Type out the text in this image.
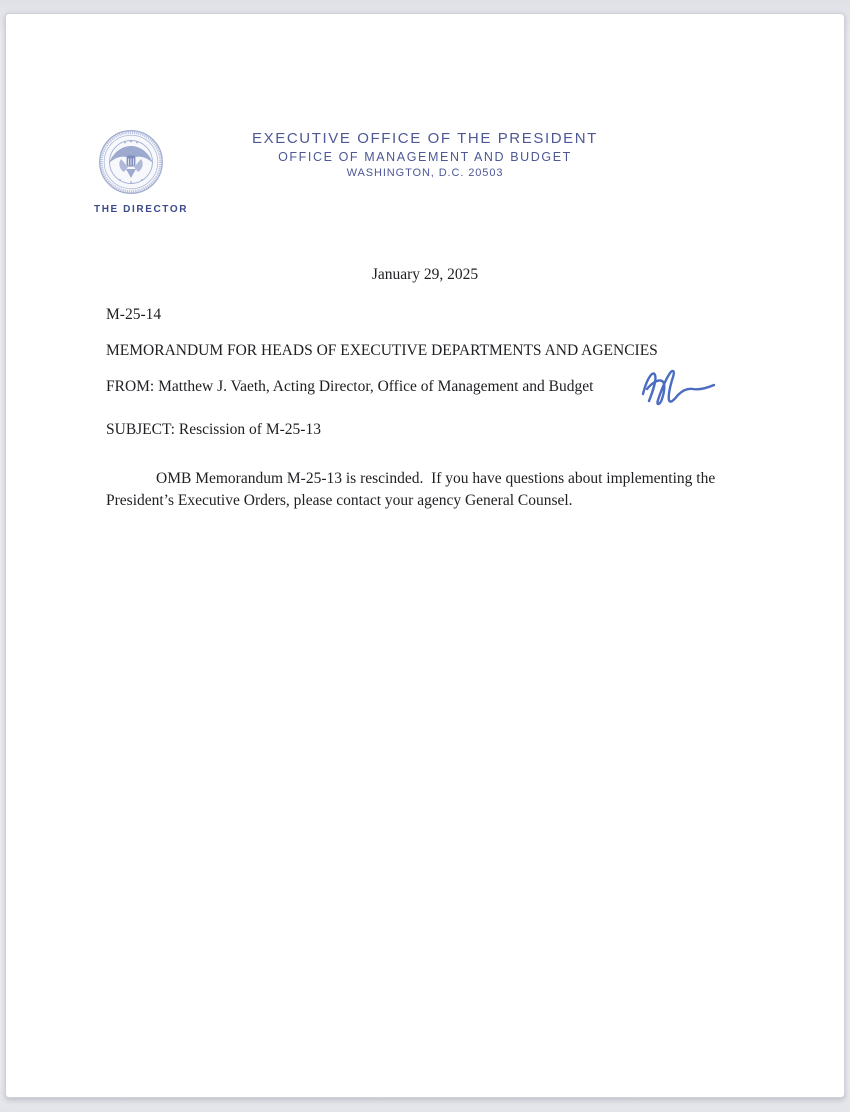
EXECUTIVE OFFICE OF THE PRESIDENT
OFFICE OF MANAGEMENT AND BUDGET
WASHINGTON, D.C. 20503
THE DIRECTOR
January 29, 2025
M-25-14
MEMORANDUM FOR HEADS OF EXECUTIVE DEPARTMENTS AND AGENCIES
FROM: Matthew J. Vaeth, Acting Director, Office of Management and Budget
SUBJECT: Rescission of M-25-13
OMB Memorandum M-25-13 is rescinded.  If you have questions about implementing the
President’s Executive Orders, please contact your agency General Counsel.
